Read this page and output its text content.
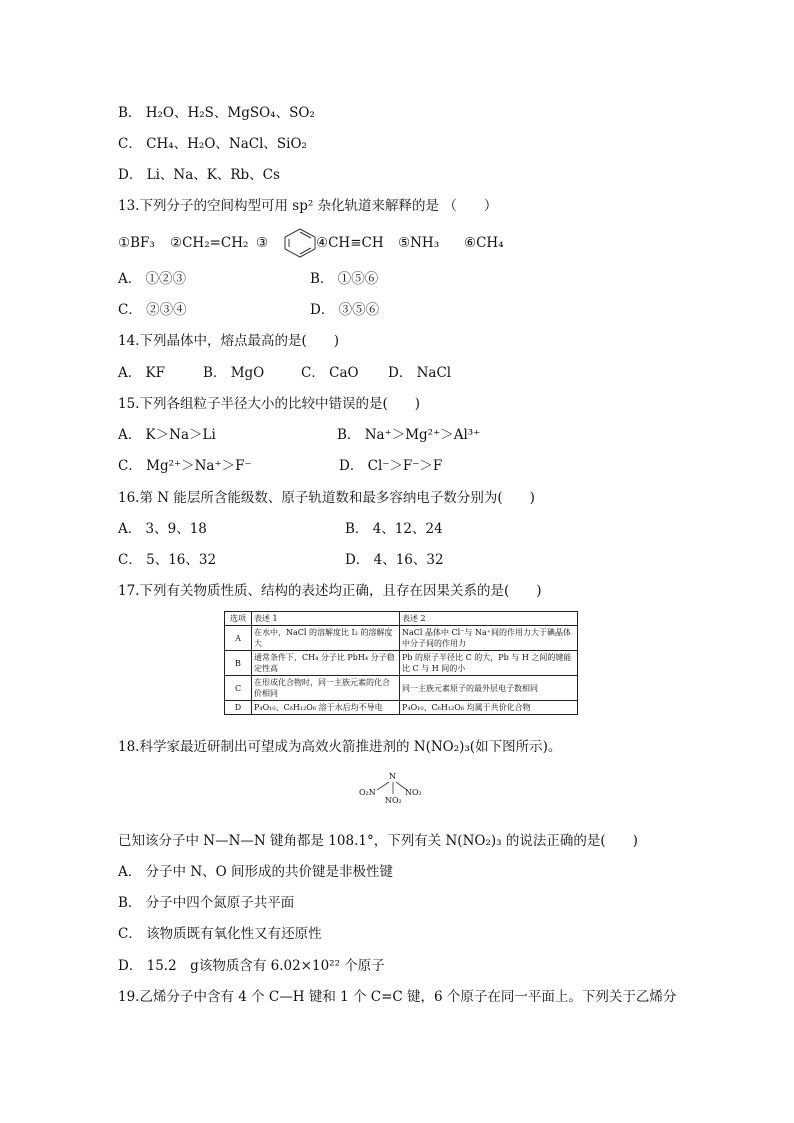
B． H₂O、H₂S、MgSO₄、SO₂
C． CH₄、H₂O、NaCl、SiO₂
D． Li、Na、K、Rb、Cs
13.下列分子的空间构型可用 sp² 杂化轨道来解释的是 （　　）
①BF₃ ②CH₂=CH₂ ③	④CH≡CH ⑤NH₃ ⑥CH₄
A． ①②③	B． ①⑤⑥
C． ②③④	D． ③⑤⑥
14.下列晶体中，熔点最高的是(　　)
A． KF	B． MgO	C． CaO D． NaCl
15.下列各组粒子半径大小的比较中错误的是(　　)
A． K＞Na＞Li	B． Na⁺＞Mg²⁺＞Al³⁺
C． Mg²⁺＞Na⁺＞F⁻	D． Cl⁻＞F⁻＞F
16.第 N 能层所含能级数、原子轨道数和最多容纳电子数分别为(　　)
A． 3、9、18	B． 4、12、24
C． 5、16、32	D． 4、16、32
17.下列有关物质性质、结构的表述均正确，且存在因果关系的是(　　)
选项	表述 1	表述 2
A	在水中，NaCl 的溶解度比 I₂ 的溶解度大	NaCl 晶体中 Cl⁻与 Na⁺间的作用力大于碘晶体中分子间的作用力
B	通常条件下，CH₄ 分子比 PbH₄ 分子稳定性高	Pb 的原子半径比 C 的大，Pb 与 H 之间的键能比 C 与 H 间的小
C	在形成化合物时，同一主族元素的化合价相同	同一主族元素原子的最外层电子数相同
D	P₄O₁₀、C₆H₁₂O₆ 溶于水后均不导电	P₄O₁₀、C₆H₁₂O₆ 均属于共价化合物
18.科学家最近研制出可望成为高效火箭推进剂的 N(NO₂)₃(如下图所示)。
N
O₂N
NO₂
NO₂
已知该分子中 N—N—N 键角都是 108.1°，下列有关 N(NO₂)₃ 的说法正确的是(　　)
A． 分子中 N、O 间形成的共价键是非极性键
B． 分子中四个氮原子共平面
C． 该物质既有氧化性又有还原性
D． 15.2　g该物质含有 6.02×10²² 个原子
19.乙烯分子中含有 4 个 C—H 键和 1 个 C=C 键，6 个原子在同一平面上。下列关于乙烯分
